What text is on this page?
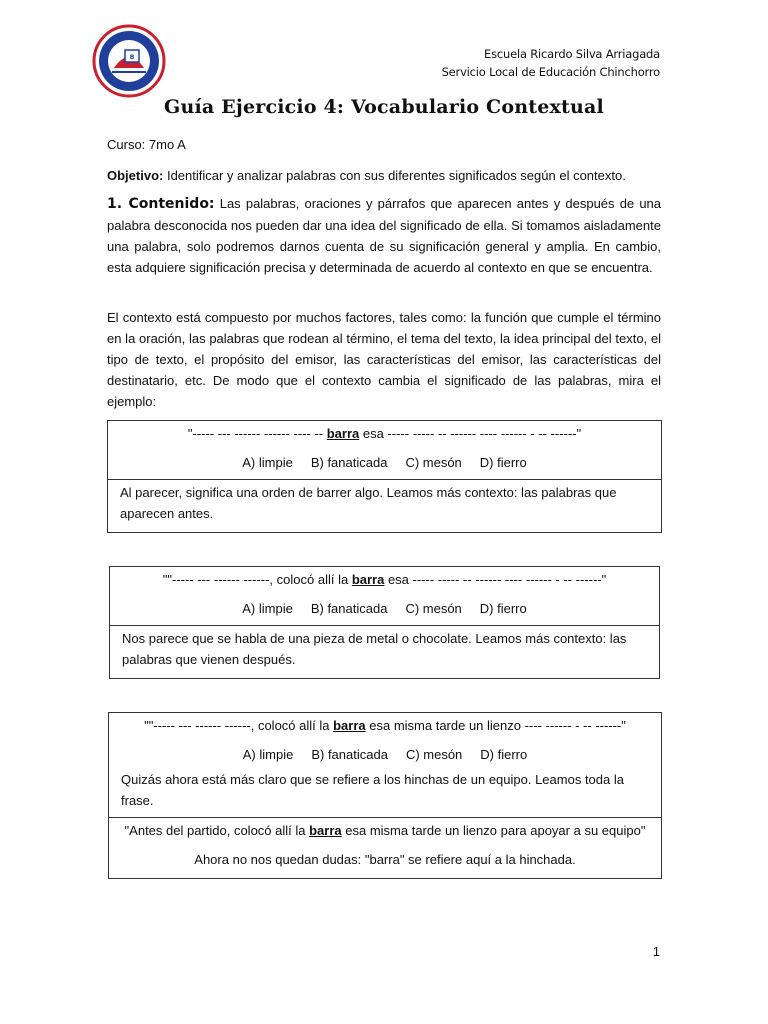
B	Escuela Ricardo Silva Arriagada
Servicio Local de Educación Chinchorro
Guía Ejercicio 4: Vocabulario Contextual
Curso: 7mo A
Objetivo: Identificar y analizar palabras con sus diferentes significados según el contexto.
1. Contenido: Las palabras, oraciones y párrafos que aparecen antes y después de una palabra desconocida nos pueden dar una idea del significado de ella. Si tomamos aisladamente una palabra, solo podremos darnos cuenta de su significación general y amplia. En cambio, esta adquiere significación precisa y determinada de acuerdo al contexto en que se encuentra.
El contexto está compuesto por muchos factores, tales como: la función que cumple el término en la oración, las palabras que rodean al término, el tema del texto, la idea principal del texto, el tipo de texto, el propósito del emisor, las características del emisor, las características del destinatario, etc. De modo que el contexto cambia el significado de las palabras, mira el ejemplo:
"----- --- ------ ------ ---- -- barra esa ----- ----- -- ------ ---- ------ - -- ------"
A) limpie B) fanaticada C) mesón D) fierro
Al parecer, significa una orden de barrer algo. Leamos más contexto: las palabras que aparecen antes.
""----- --- ------ ------, colocó allí la barra esa ----- ----- -- ------ ---- ------ - -- ------"
A) limpie B) fanaticada C) mesón D) fierro
Nos parece que se habla de una pieza de metal o chocolate. Leamos más contexto: las palabras que vienen después.
""----- --- ------ ------, colocó allí la barra esa misma tarde un lienzo ---- ------ - -- ------"
A) limpie B) fanaticada C) mesón D) fierro
Quizás ahora está más claro que se refiere a los hinchas de un equipo. Leamos toda la frase.
"Antes del partido, colocó allí la barra esa misma tarde un lienzo para apoyar a su equipo"
Ahora no nos quedan dudas: "barra" se refiere aquí a la hinchada.
1
